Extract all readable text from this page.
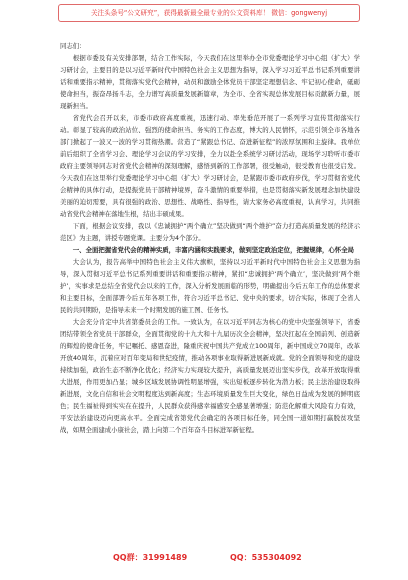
关注头条号“公文研究”，获得最新最全最专业的公文资料库！ 微信：gongwenyj

同志们：

根据市委及有关安排部署，结合工作实际，今天我们在这里举办全市党委理论学习中心组（扩大）学习研讨会，主要目的是以习近平新时代中国特色社会主义思想为指导，深入学习习近平总书记系列重要讲话和重要指示精神，贯彻落实党代会精神，动员和激励全体党员干部坚定理想信念、牢记初心使命，砥砺使命担当，振奋昂扬斗志，全力谱写高质量发展新篇章，为全市、全省实现总体发展目标贡献新力量，展现新担当。

省党代会召开以来，市委市政府高度重视，迅速行动、率先垂范开展了一系列学习宣传贯彻落实行动。彰显了较高的政治站位、强烈的使命担当、务实的工作态度，博大的人民情怀，示范引领全市各地各部门掀起了一波又一波的学习贯彻热潮。营造了“紧跟总书记、奋进新征程”的浓厚氛围和主旋律。我单位前后组织了全省学习会、理论学习会议的学习安排，全力以赴全系统学习研讨活动，现场学习聆听市委市政府主要领导同志对省党代会精神的深刻理解，感悟到新的工作部署，很受触动，很受教育也很受启发。今天我们在这里举行党委理论学习中心组（扩大）学习研讨会，是紧跟市委市政府步伐，学习贯彻省党代会精神的具体行动，是提振党员干部精神境界，奋斗激情的重要举措，也是贯彻落实新发展理念加快建设美丽的迫切需要，具有很强的政治、思想性、战略性、指导性，请大家务必高度重视，认真学习，共同推动省党代会精神在落地生根，结出丰硕成果。

下面，根据会议安排，我以《忠诚拥护“两个确立”坚决做到“两个维护”奋力打造高质量发展的经济示范区》为主题，讲授专题党课。主要分为4个部分。

一、全面把握省党代会的精神实质，丰富内涵和实践要求，做到坚定政治定位，把握规律，心怀全局

大会认为，报告高举中国特色社会主义伟大旗帜，坚持以习近平新时代中国特色社会主义思想为指导，深入贯彻习近平总书记系列重要讲话和重要指示精神，紧扣“忠诚拥护‘两个确立’，坚决做到‘两个维护’，实事求是总结全省党代会以来的工作，深入分析发展面临的形势，明确提出今后五年工作的总体要求和主要目标，全面部署今后五年各项工作，符合习近平总书记、党中央的要求，切合实际，体现了全省人民的共同期盼，是指导未来一个时期发展的施工图、任务书。

大会充分肯定中共省第委员会的工作。一致认为，在以习近平同志为核心的党中央坚强领导下，省委团结带领全省党员干部群众，全面贯彻党的十九大和十九届历次全会精神，坚决扛起在全国前列、创造新的辉煌的使命任务，牢记嘱托、感恩奋进，隆重庆祝中国共产党成立100周年，新中国成立70周年，改革开放40周年，沉着应对百年变局和世纪疫情，推动各项事业取得新进展新成就。党的全面领导和党的建设持续加强，政治生态不断净化优化；经济实力实现较大提升，高质量发展迈出坚实步伐，改革开放取得重大进展，作用更加凸显；城乡区域发展协调性明显增强，实出短板逐步转化为潜力板；民主法治建设取得新进展，文化自信和社会文明程度达到新高度；生态环境质量发生巨大变化，绿色日益成为发展的鲜明底色；民生福祉得到实实在在提升，人民群众获得感幸福感安全感显著增强；防范化解重大风险有力有效，平安法治建设迈向更高水平。全面完成省第党代会确定的各项目标任务，同全国一道如期打赢脱贫攻坚战，如期全面建成小康社会，踏上向第二个百年奋斗目标进军新征程。

QQ群：31991489	QQ：535304092
